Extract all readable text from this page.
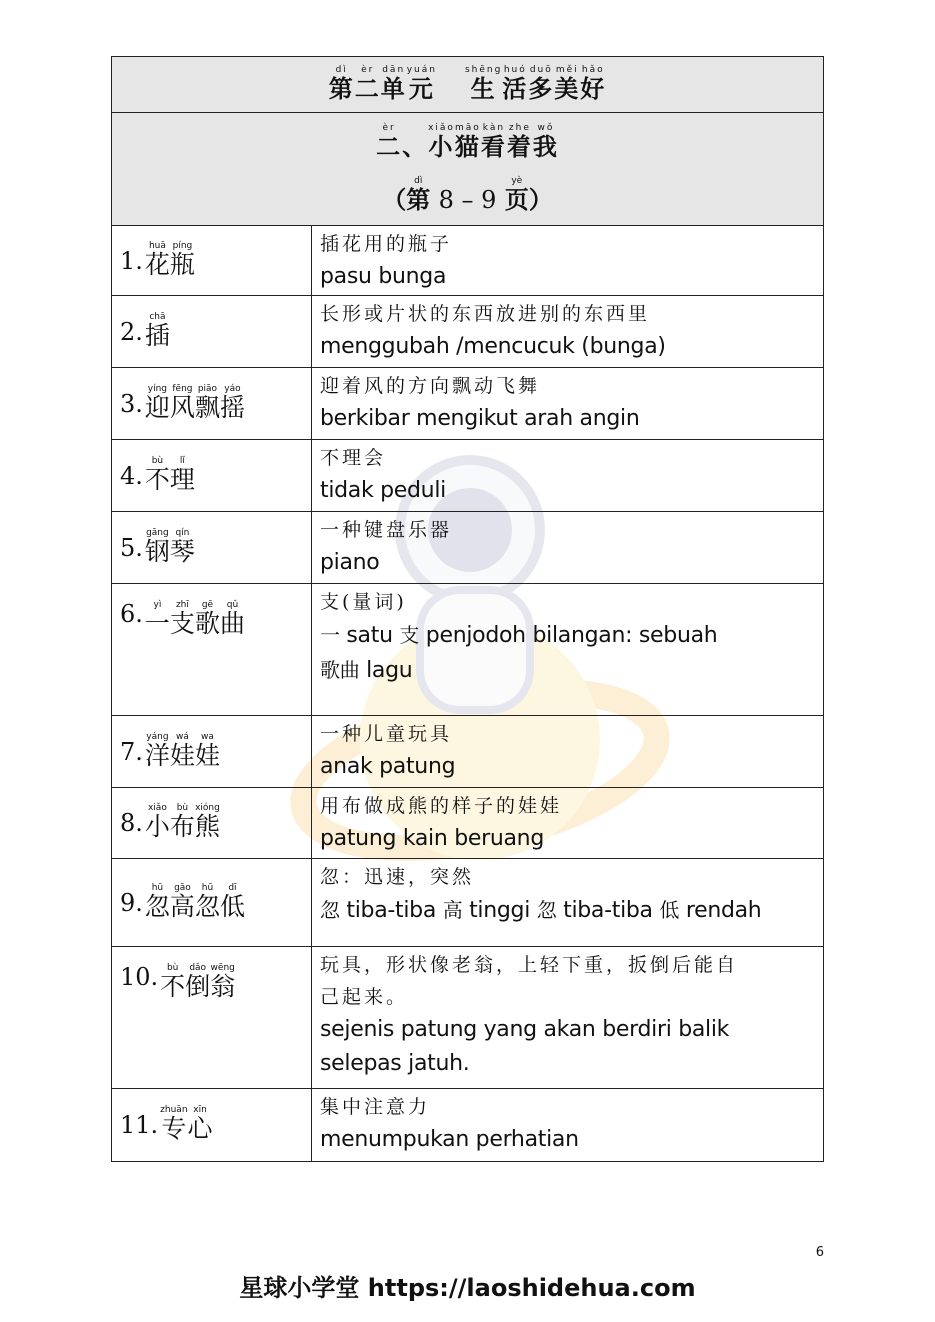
第dì二èr单dān元yuán生shēng活huó多duō美měi好hǎo
二èr、小xiǎo猫māo看kàn着zhe我wǒ
（第dì 8 – 9 页yè）
1. 花huā瓶píng	插花用的瓶子
pasu bunga
2. 插chā	长形或片状的东西放进别的东西里
menggubah /mencucuk (bunga)
3. 迎yíng风fēng飘piāo摇yáo	迎着风的方向飘动飞舞
berkibar mengikut arah angin
4. 不bù理lǐ	不理会
tidak peduli
5. 钢gāng琴qín	一种键盘乐器
piano
6. 一yì支zhī歌gē曲qǔ	支(量词)
一 satu 支 penjodoh bilangan: sebuah
歌曲 lagu
7. 洋yáng娃wá娃wa	一种儿童玩具
anak patung
8. 小xiǎo布bù熊xióng	用布做成熊的样子的娃娃
patung kain beruang
9. 忽hū高gāo忽hū低dī	忽：迅速，突然
忽 tiba-tiba 高 tinggi 忽 tiba-tiba 低 rendah
10. 不bù倒dǎo翁wēng	玩具，形状像老翁，上轻下重，扳倒后能自
己起来。
sejenis patung yang akan berdiri balik
selepas jatuh.
11. 专zhuān心xīn	集中注意力
menumpukan perhatian
6
星球小学堂 https://laoshidehua.com
